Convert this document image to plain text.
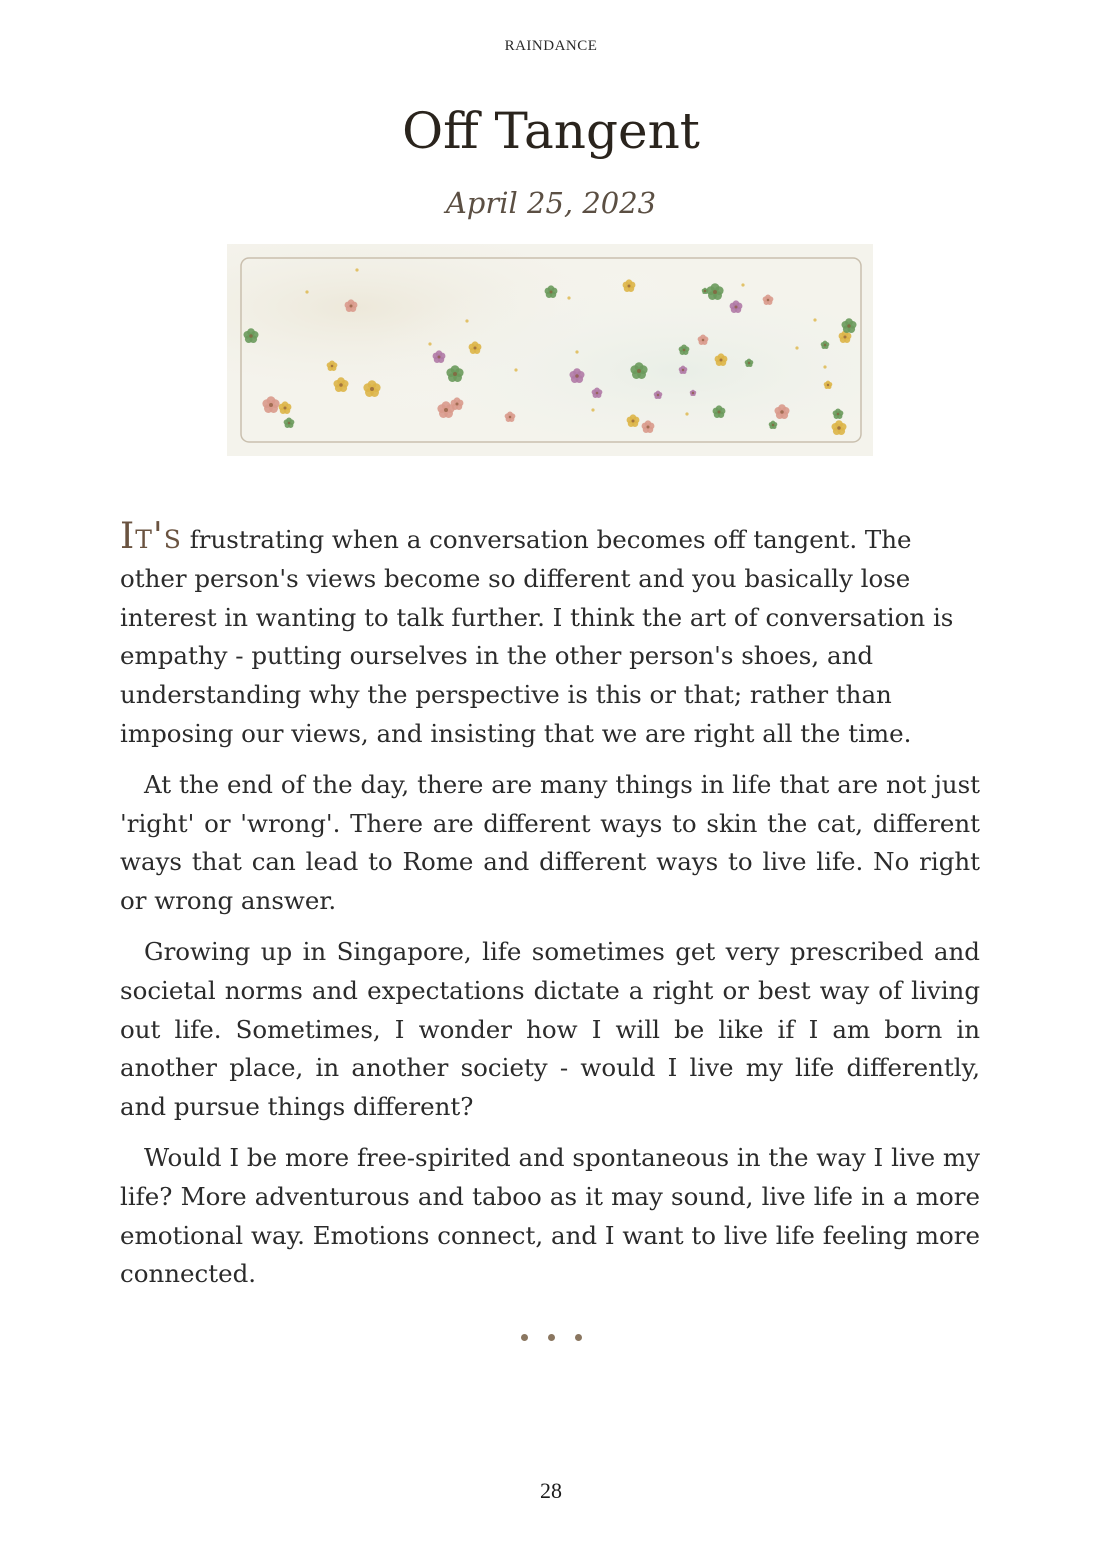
RAINDANCE
Off Tangent
April 25, 2023

It's frustrating when a conversation becomes off tangent. The other person's views become so different and you basically lose interest in wanting to talk further. I think the art of conversation is empathy - putting ourselves in the other person's shoes, and understanding why the perspective is this or that; rather than imposing our views, and insisting that we are right all the time.

At the end of the day, there are many things in life that are not just 'right' or 'wrong'. There are different ways to skin the cat, different ways that can lead to Rome and different ways to live life. No right or wrong answer.

Growing up in Singapore, life sometimes get very prescribed and societal norms and expectations dictate a right or best way of living out life. Sometimes, I wonder how I will be like if I am born in another place, in another society - would I live my life differently, and pursue things different?

Would I be more free-spirited and spontaneous in the way I live my life? More adventurous and taboo as it may sound, live life in a more emotional way. Emotions connect, and I want to live life feeling more connected.

28
